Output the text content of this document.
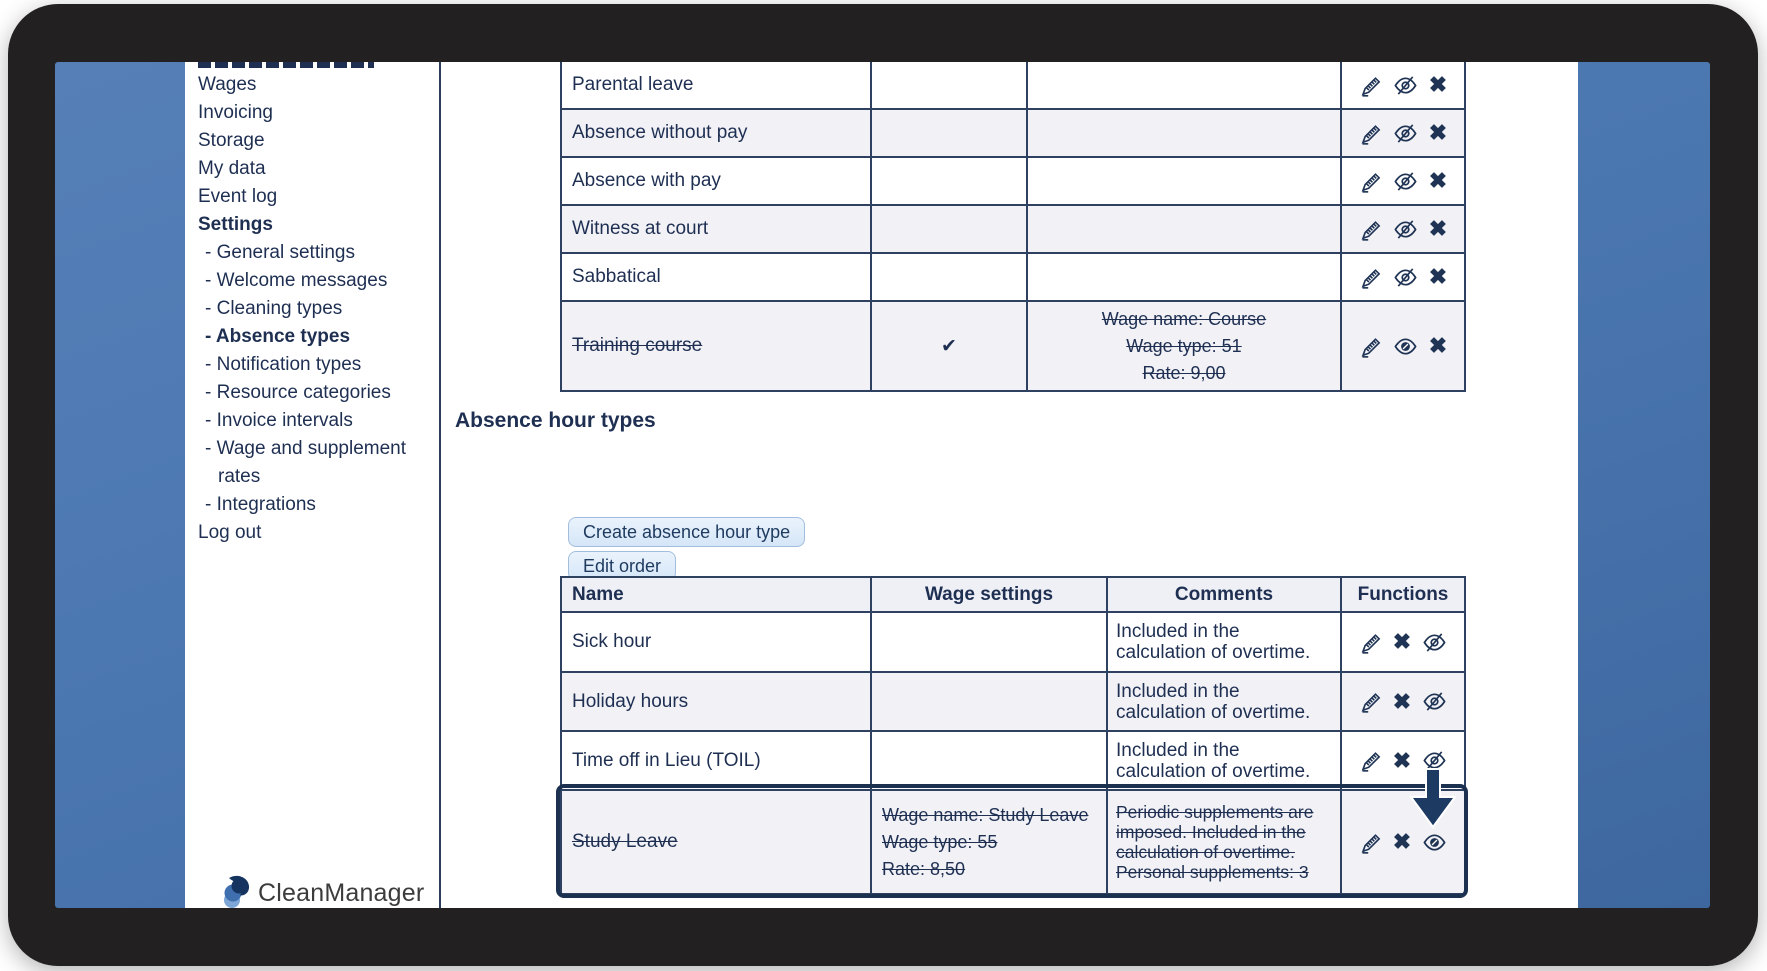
Wages
Invoicing
Storage
My data
Event log
Settings
- General settings
- Welcome messages
- Cleaning types
- Absence types
- Notification types
- Resource categories
- Invoice intervals
- Wage and supplement rates
- Integrations
Log out
CleanManager
Parental leave			✖

Absence without pay			✖

Absence with pay			✖

Witness at court			✖

Sabbatical			✖

Training course	✔	Wage name: Course
Wage type: 51
Rate: 9,00	✖
Absence hour types
Create absence hour type
Edit order
Name	Wage settings	Comments	Functions
Sick hour		Included in the calculation of overtime.	✖

Holiday hours		Included in the calculation of overtime.	✖

Time off in Lieu (TOIL)		Included in the calculation of overtime.	✖

Study Leave	Wage name: Study Leave
Wage type: 55
Rate: 8,50	Periodic supplements are imposed. Included in the calculation of overtime. Personal supplements: 3	✖
